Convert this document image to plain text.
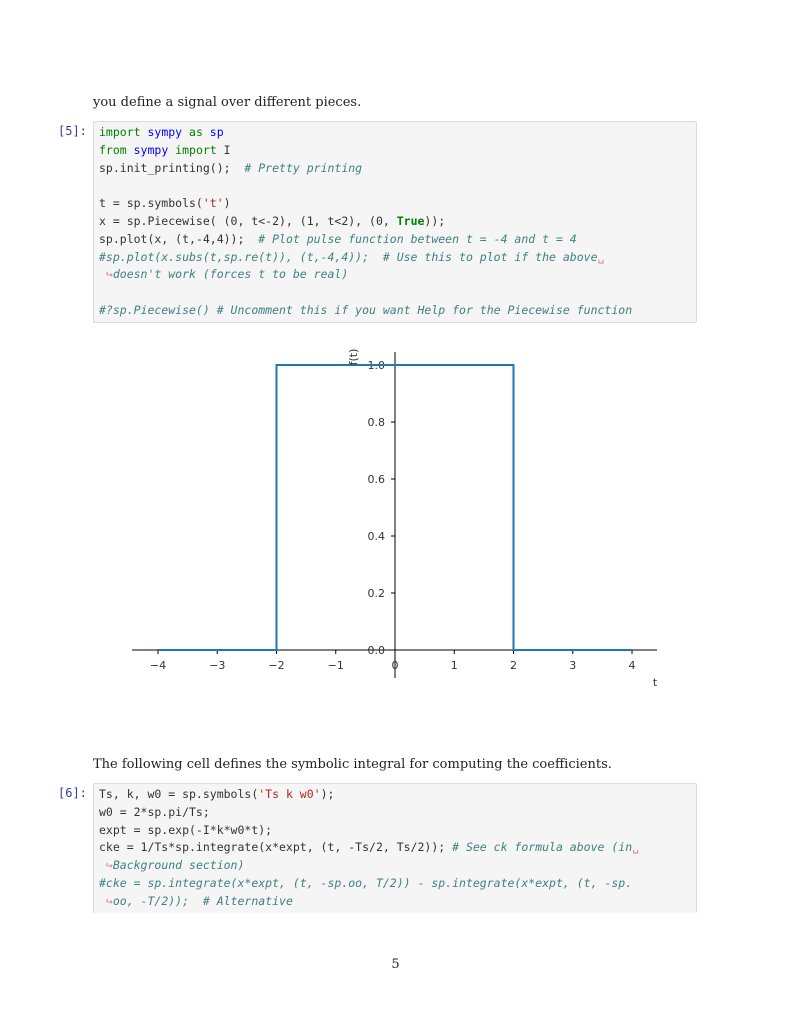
you define a signal over different pieces.
[5]: import sympy as sp
from sympy import I
sp.init_printing();  # Pretty printing

t = sp.symbols('t')
x = sp.Piecewise( (0, t<-2), (1, t<2), (0, True));
sp.plot(x, (t,-4,4));  # Plot pulse function between t = -4 and t = 4
#sp.plot(x.subs(t,sp.re(t)), (t,-4,4));  # Use this to plot if the above␣
↪doesn't work (forces t to be real)

#?sp.Piecewise() # Uncomment this if you want Help for the Piecewise function
−4	−3	−2	−1	0	1	2	3	4
0.0
0.2
0.4
0.6
0.8
1.0
t
f(t)
The following cell defines the symbolic integral for computing the coefficients.
[6]: Ts, k, w0 = sp.symbols('Ts k w0');
w0 = 2*sp.pi/Ts;
expt = sp.exp(-I*k*w0*t);
cke = 1/Ts*sp.integrate(x*expt, (t, -Ts/2, Ts/2)); # See ck formula above (in␣
↪Background section)
#cke = sp.integrate(x*expt, (t, -sp.oo, T/2)) - sp.integrate(x*expt, (t, -sp.
↪oo, -T/2));  # Alternative
5
